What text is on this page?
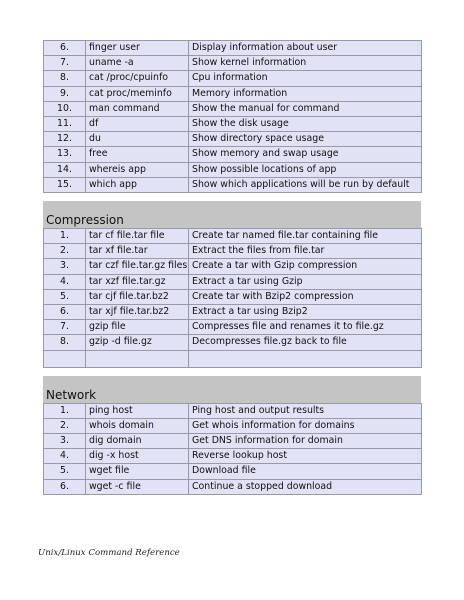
6.	finger user	Display information about user
7.	uname -a	Show kernel information
8.	cat /proc/cpuinfo	Cpu information
9.	cat proc/meminfo	Memory information
10.	man command	Show the manual for command
11.	df	Show the disk usage
12.	du	Show directory space usage
13.	free	Show memory and swap usage
14.	whereis app	Show possible locations of app
15.	which app	Show which applications will be run by default
Compression
1.	tar cf file.tar file	Create tar named file.tar containing file
2.	tar xf file.tar	Extract the files from file.tar
3.	tar czf file.tar.gz files	Create a tar with Gzip compression
4.	tar xzf file.tar.gz	Extract a tar using Gzip
5.	tar cjf file.tar.bz2	Create tar with Bzip2 compression
6.	tar xjf file.tar.bz2	Extract a tar using Bzip2
7.	gzip file	Compresses file and renames it to file.gz
8.	gzip -d file.gz	Decompresses file.gz back to file

Network
1.	ping host	Ping host and output results
2.	whois domain	Get whois information for domains
3.	dig domain	Get DNS information for domain
4.	dig -x host	Reverse lookup host
5.	wget file	Download file
6.	wget -c file	Continue a stopped download
Unix/Linux Command Reference
